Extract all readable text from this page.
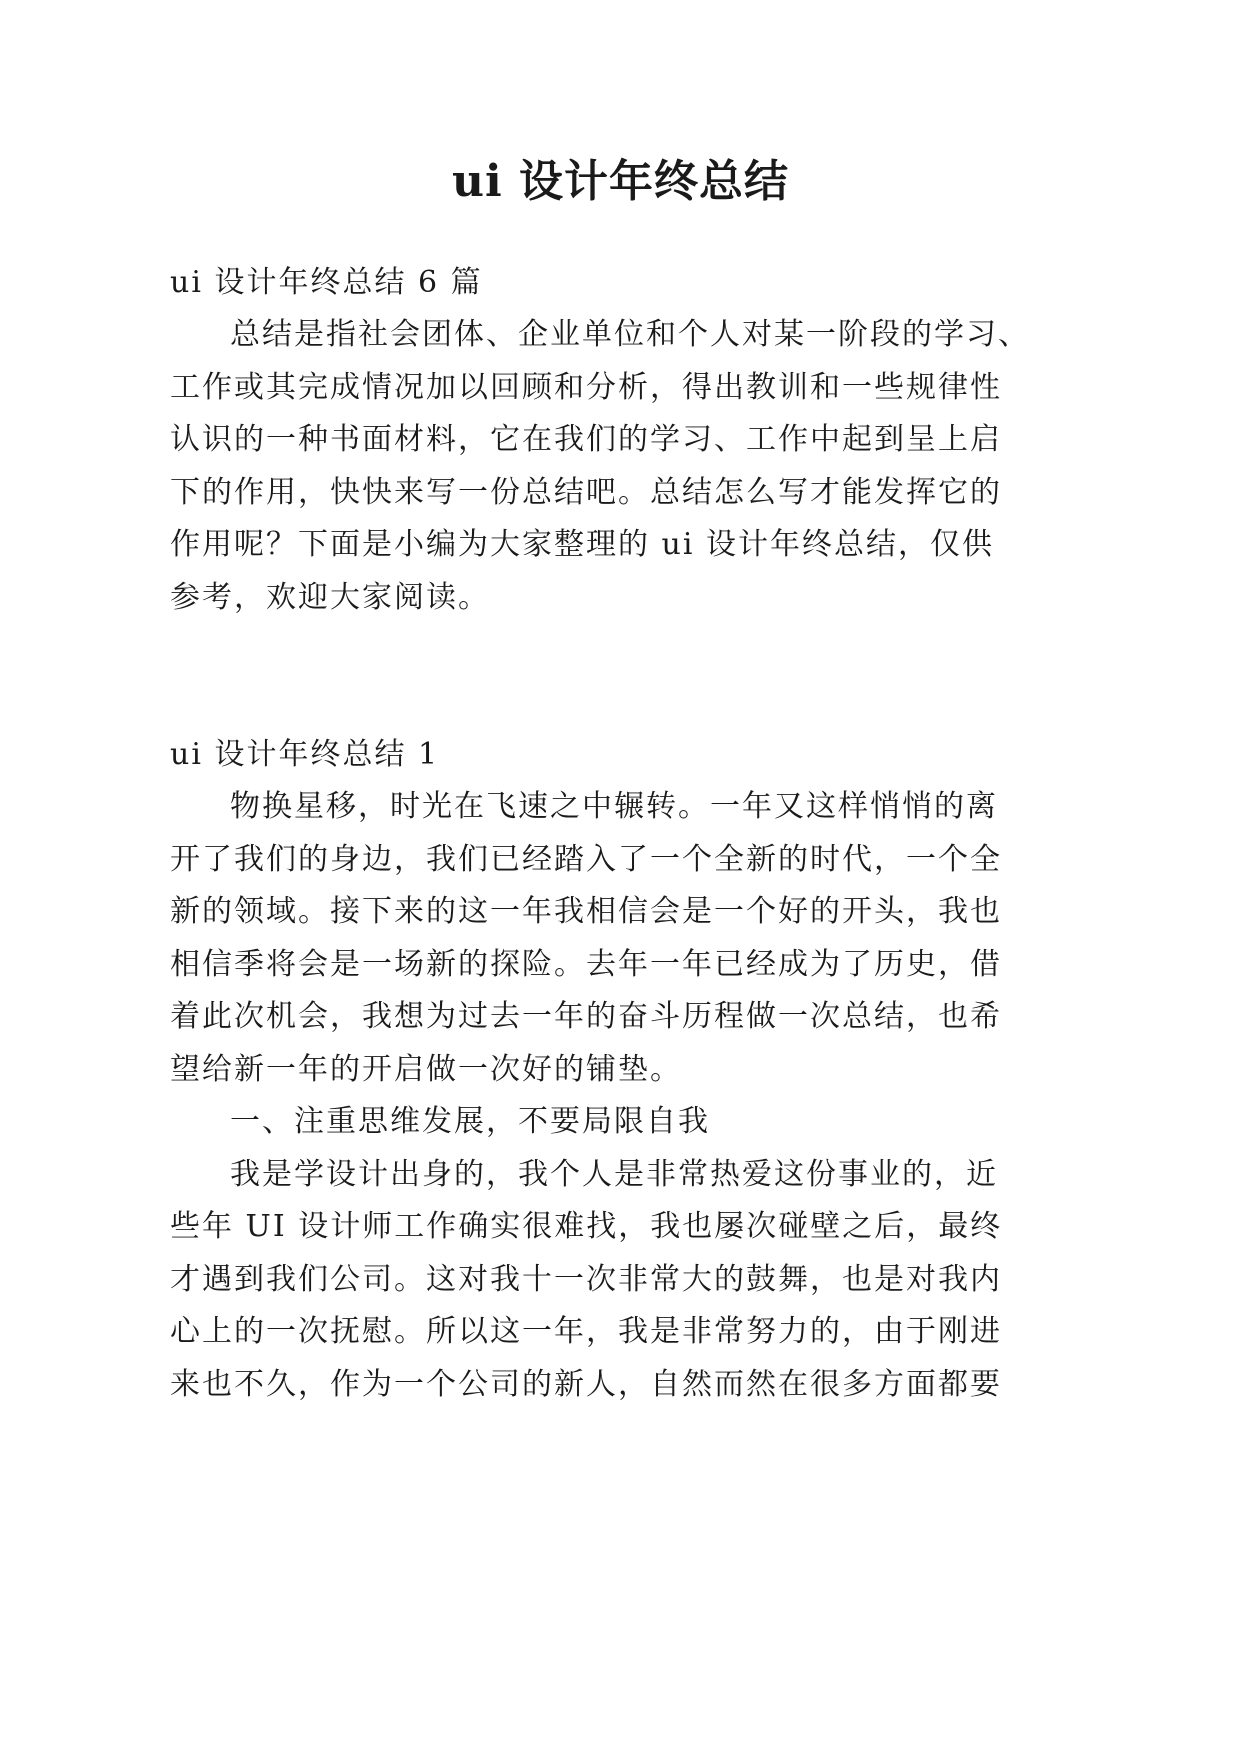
ui 设计年终总结
ui 设计年终总结 6 篇
总结是指社会团体、企业单位和个人对某一阶段的学习、
工作或其完成情况加以回顾和分析，得出教训和一些规律性
认识的一种书面材料，它在我们的学习、工作中起到呈上启
下的作用，快快来写一份总结吧。总结怎么写才能发挥它的
作用呢？下面是小编为大家整理的 ui 设计年终总结，仅供
参考，欢迎大家阅读。
ui 设计年终总结 1
物换星移，时光在飞速之中辗转。一年又这样悄悄的离
开了我们的身边，我们已经踏入了一个全新的时代，一个全
新的领域。接下来的这一年我相信会是一个好的开头，我也
相信季将会是一场新的探险。去年一年已经成为了历史，借
着此次机会，我想为过去一年的奋斗历程做一次总结，也希
望给新一年的开启做一次好的铺垫。
一、注重思维发展，不要局限自我
我是学设计出身的，我个人是非常热爱这份事业的，近
些年 UI 设计师工作确实很难找，我也屡次碰壁之后，最终
才遇到我们公司。这对我十一次非常大的鼓舞，也是对我内
心上的一次抚慰。所以这一年，我是非常努力的，由于刚进
来也不久，作为一个公司的新人，自然而然在很多方面都要
